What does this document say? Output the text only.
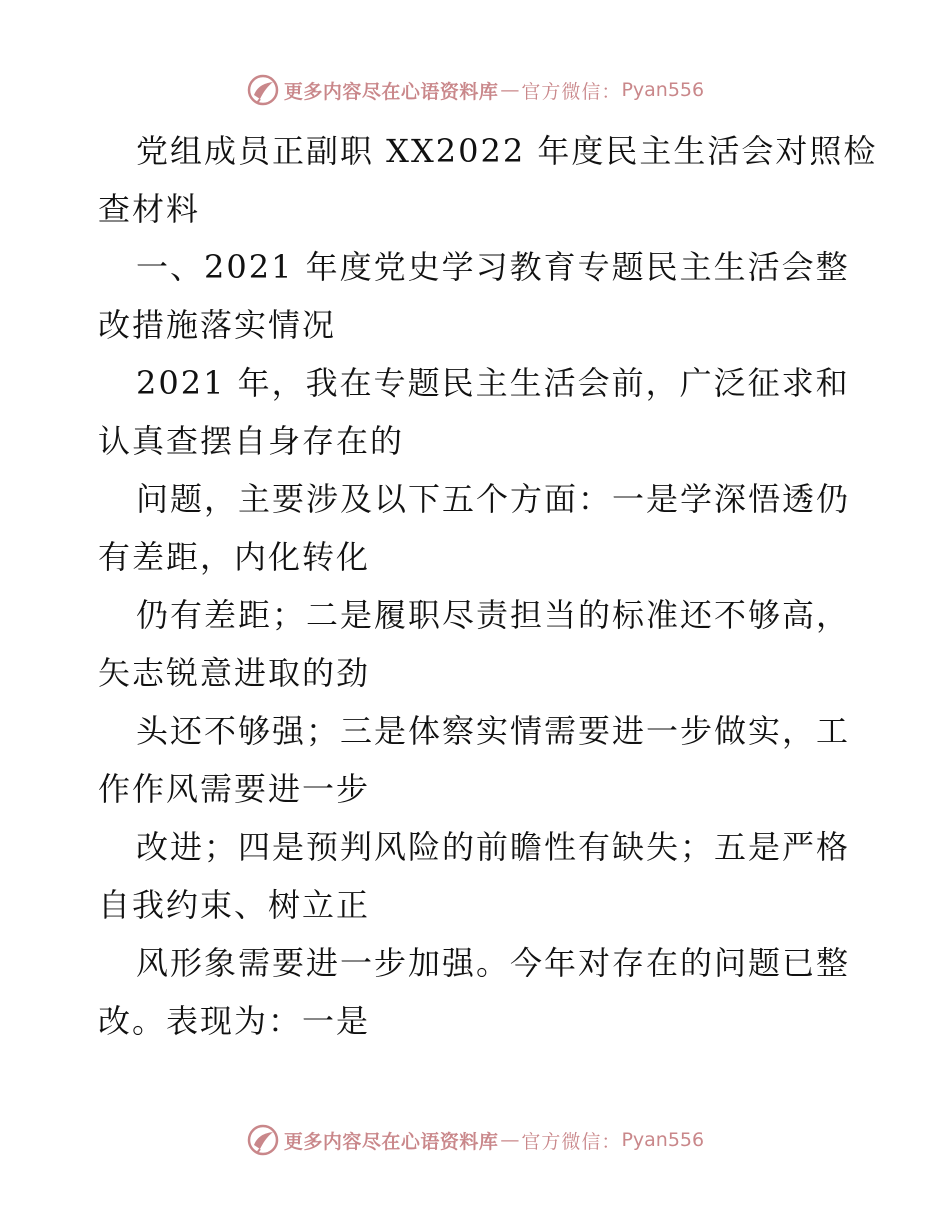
更多内容尽在心语资料库 — 官方微信： Pyan556
党组成员正副职 XX2022 年度民主生活会对照检
查材料
一、2021 年度党史学习教育专题民主生活会整
改措施落实情况
2021 年，我在专题民主生活会前，广泛征求和
认真查摆自身存在的
问题，主要涉及以下五个方面：一是学深悟透仍
有差距，内化转化
仍有差距；二是履职尽责担当的标准还不够高，
矢志锐意进取的劲
头还不够强；三是体察实情需要进一步做实，工
作作风需要进一步
改进；四是预判风险的前瞻性有缺失；五是严格
自我约束、树立正
风形象需要进一步加强。今年对存在的问题已整
改。表现为：一是
更多内容尽在心语资料库 — 官方微信： Pyan556
